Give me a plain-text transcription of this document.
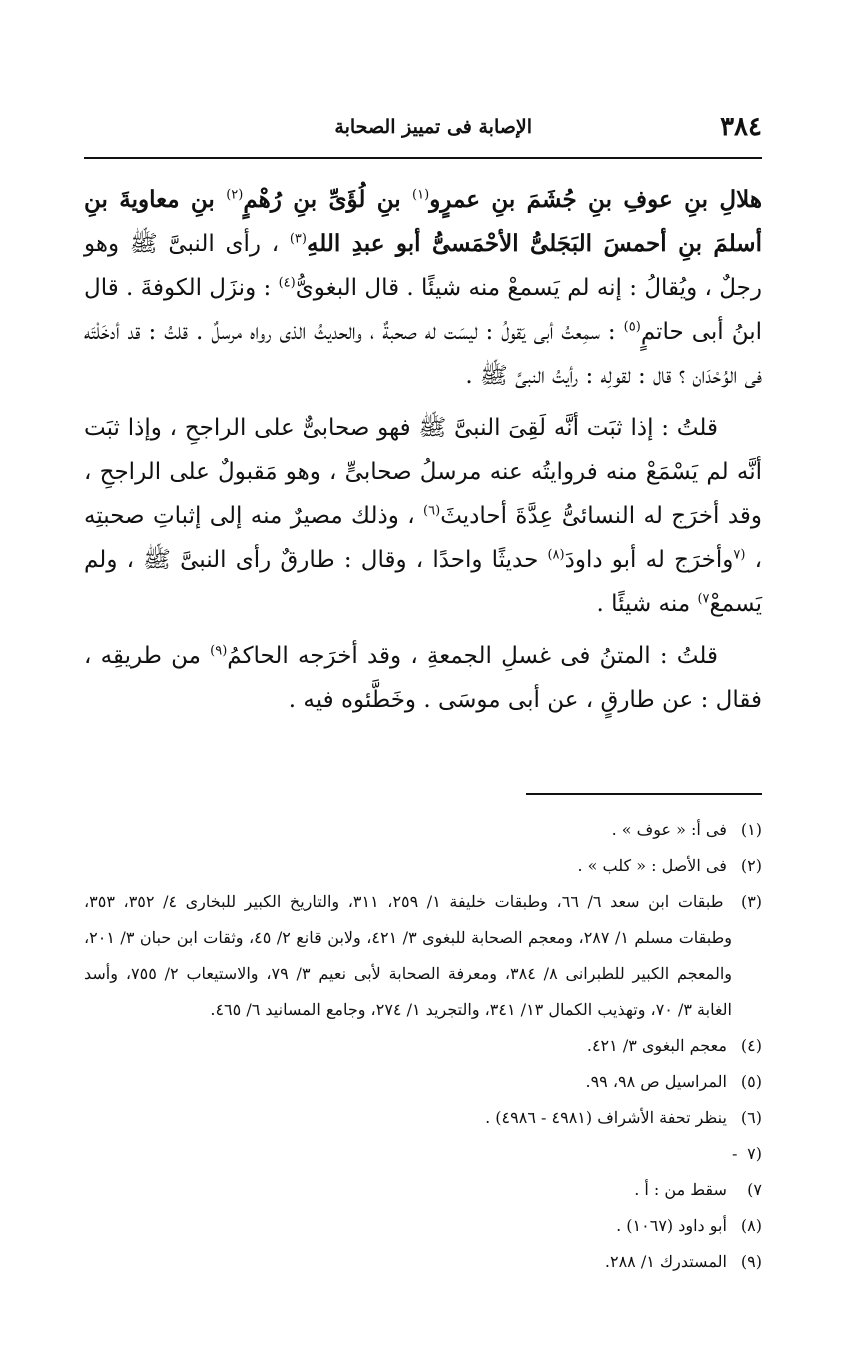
٣٨٤
الإصابة فى تمييز الصحابة

هلالِ بنِ عوفِ بنِ جُشَمَ بنِ عمرٍو$^{(١)}$ بنِ لُؤَىِّ بنِ رُهْمٍ$^{(٢)}$ بنِ معاويةَ بنِ أسلمَ بنِ أحمسَ البَجَلىُّ الأحْمَسىُّ أبو عبدِ اللهِ$^{(٣)}$ ، رأى النبىَّ ﷺ وهو رجلٌ ، ويُقالُ : إنه لم يَسمعْ منه شيئًا . قال البغوىُّ$^{(٤)}$ : ونزَل الكوفةَ . قال ابنُ أبى حاتمٍ$^{(٥)}$ : سمِعتُ أبى يَقولُ : ليسَت له صحبةٌ ، والحديثُ الذى رواه مرسلٌ . قلتُ : قد أدخَلْتَه فى الوُحْدَان ؟ قال : لقولِه : رأيتُ النبىَّ ﷺ .

قلتُ : إذا ثبَت أنَّه لَقِىَ النبىَّ ﷺ فهو صحابىٌّ على الراجحِ ، وإذا ثبَت أنَّه لم يَسْمَعْ منه فروايتُه عنه مرسلُ صحابىٍّ ، وهو مَقبولٌ على الراجحِ ، وقد أخرَج له النسائىُّ عِدَّةَ أحاديثَ$^{(٦)}$ ، وذلك مصيرٌ منه إلى إثباتِ صحبتِه ، $^{(٧}$وأخرَج له أبو داودَ$^{(٨)}$ حديثًا واحدًا ، وقال : طارقٌ رأى النبىَّ ﷺ ، ولم يَسمعْ$^{٧)}$ منه شيئًا .

قلتُ : المتنُ فى غسلِ الجمعةِ ، وقد أخرَجه الحاكمُ$^{(٩)}$ من طريقِه ، فقال : عن طارقٍ ، عن أبى موسَى . وخَطَّئوه فيه .

(١) فى أ: « عوف » .

(٢) فى الأصل : « كلب » .

(٣) طبقات ابن سعد ٦/ ٦٦، وطبقات خليفة ١/ ٢٥٩، ٣١١، والتاريخ الكبير للبخارى ٤/ ٣٥٢، ٣٥٣، وطبقات مسلم ١/ ٢٨٧، ومعجم الصحابة للبغوى ٣/ ٤٢١، ولابن قانع ٢/ ٤٥، وثقات ابن حبان ٣/ ٢٠١، والمعجم الكبير للطبرانى ٨/ ٣٨٤، ومعرفة الصحابة لأبى نعيم ٣/ ٧٩، والاستيعاب ٢/ ٧٥٥، وأسد الغابة ٣/ ٧٠، وتهذيب الكمال ١٣/ ٣٤١، والتجريد ١/ ٢٧٤، وجامع المسانيد ٦/ ٤٦٥.

(٤) معجم البغوى ٣/ ٤٢١.

(٥) المراسيل ص ٩٨، ٩٩.

(٦) ينظر تحفة الأشراف (٤٩٨١ - ٤٩٨٦) .

(٧ - ٧) سقط من : أ .

(٨) أبو داود (١٠٦٧) .

(٩) المستدرك ١/ ٢٨٨.
